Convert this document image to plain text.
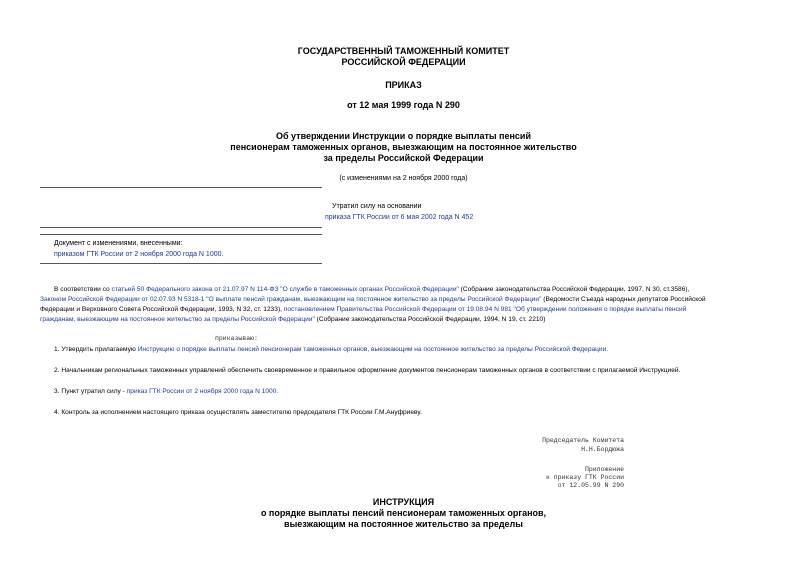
ГОСУДАРСТВЕННЫЙ ТАМОЖЕННЫЙ КОМИТЕТ
РОССИЙСКОЙ ФЕДЕРАЦИИ
ПРИКАЗ
от 12 мая 1999 года N 290
Об утверждении Инструкции о порядке выплаты пенсий
пенсионерам таможенных органов, выезжающим на постоянное жительство
за пределы Российской Федерации
(с изменениями на 2 ноября 2000 года)
Утратил силу на основании
приказа ГТК России от 6 мая 2002 года N 452
Документ с изменениями, внесенными:
приказом ГТК России от 2 ноября 2000 года N 1000.
В соответствии со статьей 50 Федерального закона от 21.07.97 N 114-ФЗ "О службе в таможенных органах Российской Федерации" (Собрание законодательства Российской Федерации, 1997, N 30, ст.3586),
Законом Российской Федерации от 02.07.93 N 5318-1 "О выплате пенсий гражданам, выезжающим на постоянное жительство за пределы Российской Федерации" (Ведомости Съезда народных депутатов Российской
Федерации и Верховного Совета Российской Федерации, 1993, N 32, ст. 1233), постановлением Правительства Российской Федерации от 19.08.94 N 981 "Об утверждении положения о порядке выплаты пенсий
гражданам, выезжающим на постоянное жительство за пределы Российской Федерации" (Собрание законодательства Российской Федерации, 1994, N 19, ст. 2210)
приказываю:
1. Утвердить прилагаемую Инструкцию о порядке выплаты пенсий пенсионерам таможенных органов, выезжающим на постоянное жительство за пределы Российской Федерации.
2. Начальникам региональных таможенных управлений обеспечить своевременное и правильное оформление документов пенсионерам таможенных органов в соответствии с прилагаемой Инструкцией.
3. Пункт утратил силу - приказ ГТК России от 2 ноября 2000 года N 1000.
4. Контроль за исполнением настоящего приказа осуществлять заместителю председателя ГТК России Г.М.Ануфриеву.
Председатель Комитета
Н.Н.Бордюжа
Приложение
к приказу ГТК России
от 12.05.99 N 290
ИНСТРУКЦИЯ
о порядке выплаты пенсий пенсионерам таможенных органов,
выезжающим на постоянное жительство за пределы
